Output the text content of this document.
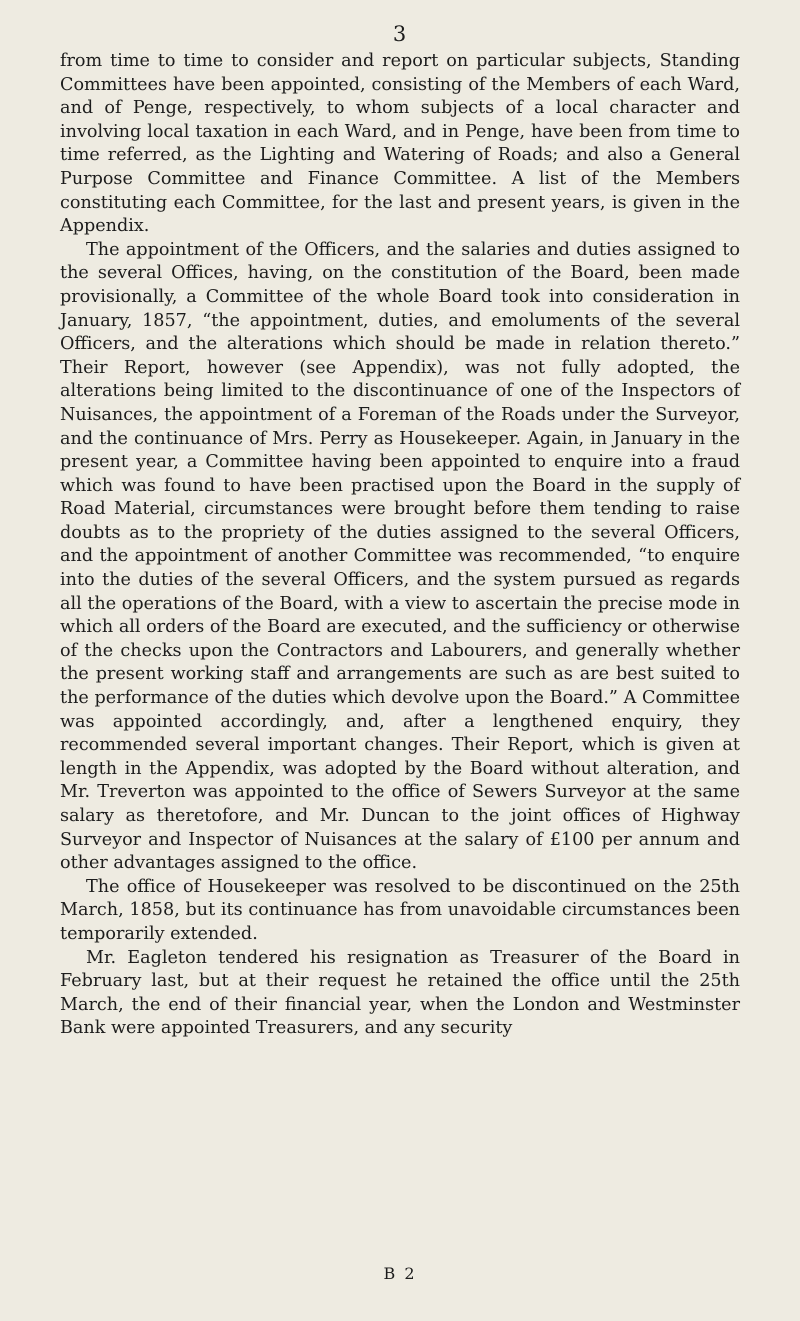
3

from time to time to consider and report on particular subjects, Standing Committees have been appointed, consisting of the Members of each Ward, and of Penge, respectively, to whom subjects of a local character and involving local taxation in each Ward, and in Penge, have been from time to time referred, as the Lighting and Watering of Roads; and also a General Purpose Committee and Finance Committee. A list of the Members constituting each Committee, for the last and present years, is given in the Appendix.

The appointment of the Officers, and the salaries and duties assigned to the several Offices, having, on the constitution of the Board, been made provisionally, a Committee of the whole Board took into consideration in January, 1857, “the appointment, duties, and emoluments of the several Officers, and the alterations which should be made in relation thereto.” Their Report, however (see Appendix), was not fully adopted, the alterations being limited to the discontinuance of one of the Inspectors of Nuisances, the appointment of a Foreman of the Roads under the Surveyor, and the continuance of Mrs. Perry as Housekeeper. Again, in January in the present year, a Committee having been appointed to enquire into a fraud which was found to have been practised upon the Board in the supply of Road Material, circumstances were brought before them tending to raise doubts as to the propriety of the duties assigned to the several Officers, and the appointment of another Committee was recommended, “to enquire into the duties of the several Officers, and the system pursued as regards all the operations of the Board, with a view to ascertain the precise mode in which all orders of the Board are executed, and the sufficiency or otherwise of the checks upon the Contractors and Labourers, and generally whether the present working staff and arrangements are such as are best suited to the performance of the duties which devolve upon the Board.” A Committee was appointed accordingly, and, after a lengthened enquiry, they recommended several important changes. Their Report, which is given at length in the Appendix, was adopted by the Board without alteration, and Mr. Treverton was appointed to the office of Sewers Surveyor at the same salary as theretofore, and Mr. Duncan to the joint offices of Highway Surveyor and Inspector of Nuisances at the salary of £100 per annum and other advantages assigned to the office.

The office of Housekeeper was resolved to be discontinued on the 25th March, 1858, but its continuance has from unavoidable circumstances been temporarily extended.

Mr. Eagleton tendered his resignation as Treasurer of the Board in February last, but at their request he retained the office until the 25th March, the end of their financial year, when the London and Westminster Bank were appointed Treasurers, and any security

B 2
